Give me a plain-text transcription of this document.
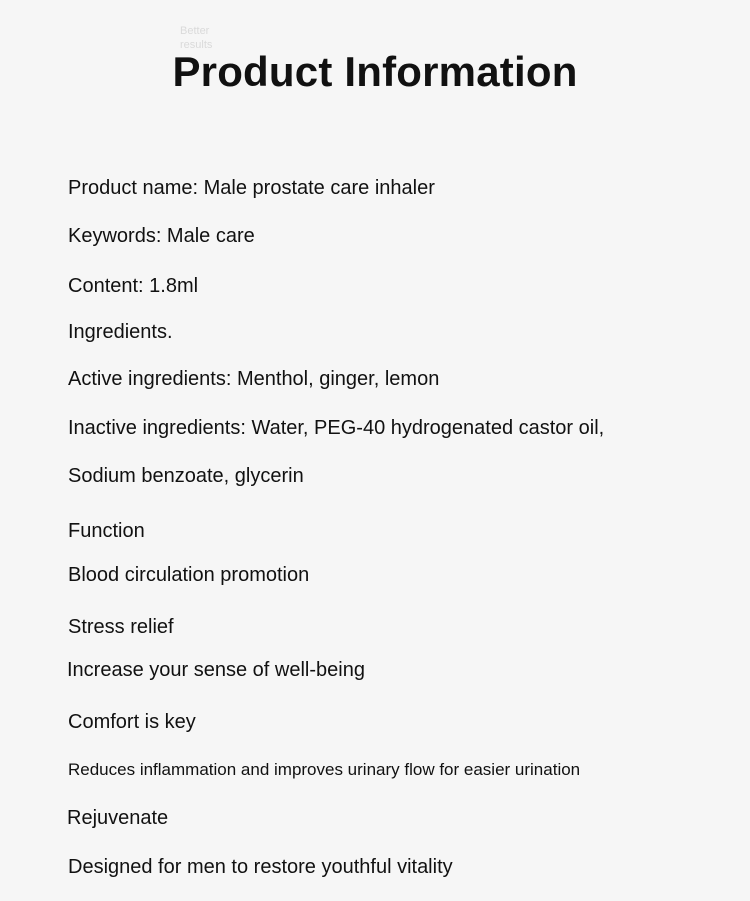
Better results
Product Information
Product name: Male prostate care inhaler
Keywords: Male care
Content: 1.8ml
Ingredients.
Active ingredients: Menthol, ginger, lemon
Inactive ingredients: Water, PEG-40 hydrogenated castor oil,
Sodium benzoate, glycerin
Function
Blood circulation promotion
Stress relief
Increase your sense of well-being
Comfort is key
Reduces inflammation and improves urinary flow for easier urination
Rejuvenate
Designed for men to restore youthful vitality
